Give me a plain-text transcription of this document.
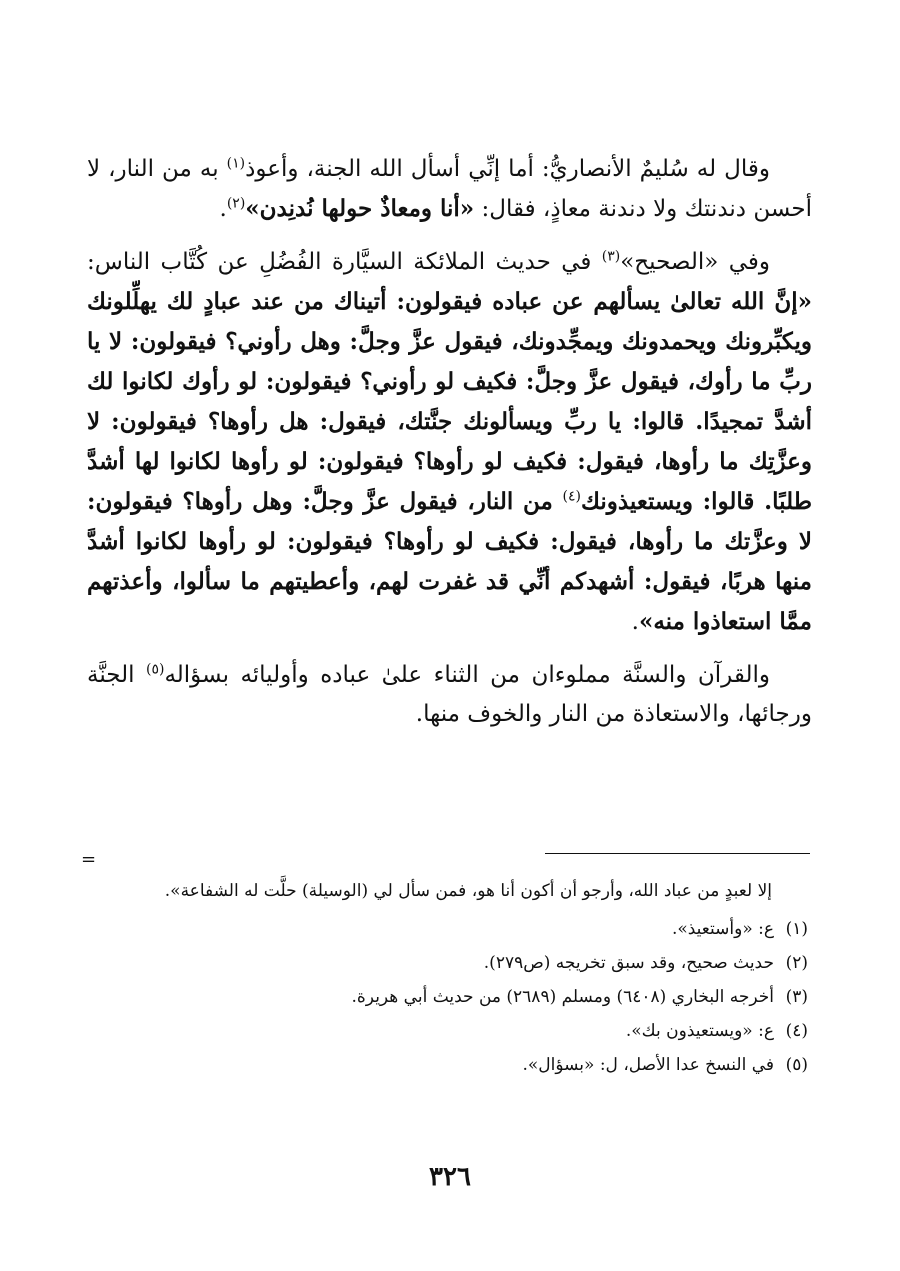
وقال له سُليمٌ الأنصاريُّ: أما إنِّي أسأل الله الجنة، وأعوذ$^{(١)}$ به من النار، لا أحسن دندنتك ولا دندنة معاذٍ، فقال: «أنا ومعاذٌ حولها نُدنِدن»$^{(٢)}$.

وفي «الصحيح»$^{(٣)}$ في حديث الملائكة السيَّارة الفُضُلِ عن كُتَّاب الناس: «إنَّ الله تعالىٰ يسألهم عن عباده فيقولون: أتيناك من عند عبادٍ لك يهلِّلونك ويكبِّرونك ويحمدونك ويمجِّدونك، فيقول عزَّ وجلَّ: وهل رأوني؟ فيقولون: لا يا ربِّ ما رأوك، فيقول عزَّ وجلَّ: فكيف لو رأوني؟ فيقولون: لو رأوك لكانوا لك أشدَّ تمجيدًا. قالوا: يا ربِّ ويسألونك جنَّتك، فيقول: هل رأوها؟ فيقولون: لا وعزَّتِك ما رأوها، فيقول: فكيف لو رأوها؟ فيقولون: لو رأوها لكانوا لها أشدَّ طلبًا. قالوا: ويستعيذونك$^{(٤)}$ من النار، فيقول عزَّ وجلَّ: وهل رأوها؟ فيقولون: لا وعزَّتك ما رأوها، فيقول: فكيف لو رأوها؟ فيقولون: لو رأوها لكانوا أشدَّ منها هربًا، فيقول: أشهدكم أنِّي قد غفرت لهم، وأعطيتهم ما سألوا، وأعذتهم ممَّا استعاذوا منه».

والقرآن والسنَّة مملوءان من الثناء علىٰ عباده وأوليائه بسؤاله$^{(٥)}$ الجنَّة ورجائها، والاستعاذة من النار والخوف منها.

=

إلا لعبدٍ من عباد الله، وأرجو أن أكون أنا هو، فمن سأل لي (الوسيلة) حلَّت له الشفاعة».

(١)
ع: «وأستعيذ».
(٢)
حديث صحيح، وقد سبق تخريجه (ص٢٧٩).
(٣)
أخرجه البخاري (٦٤٠٨) ومسلم (٢٦٨٩) من حديث أبي هريرة.
(٤)
ع: «ويستعيذون بك».
(٥)
في النسخ عدا الأصل، ل: «بسؤال».
٣٢٦
